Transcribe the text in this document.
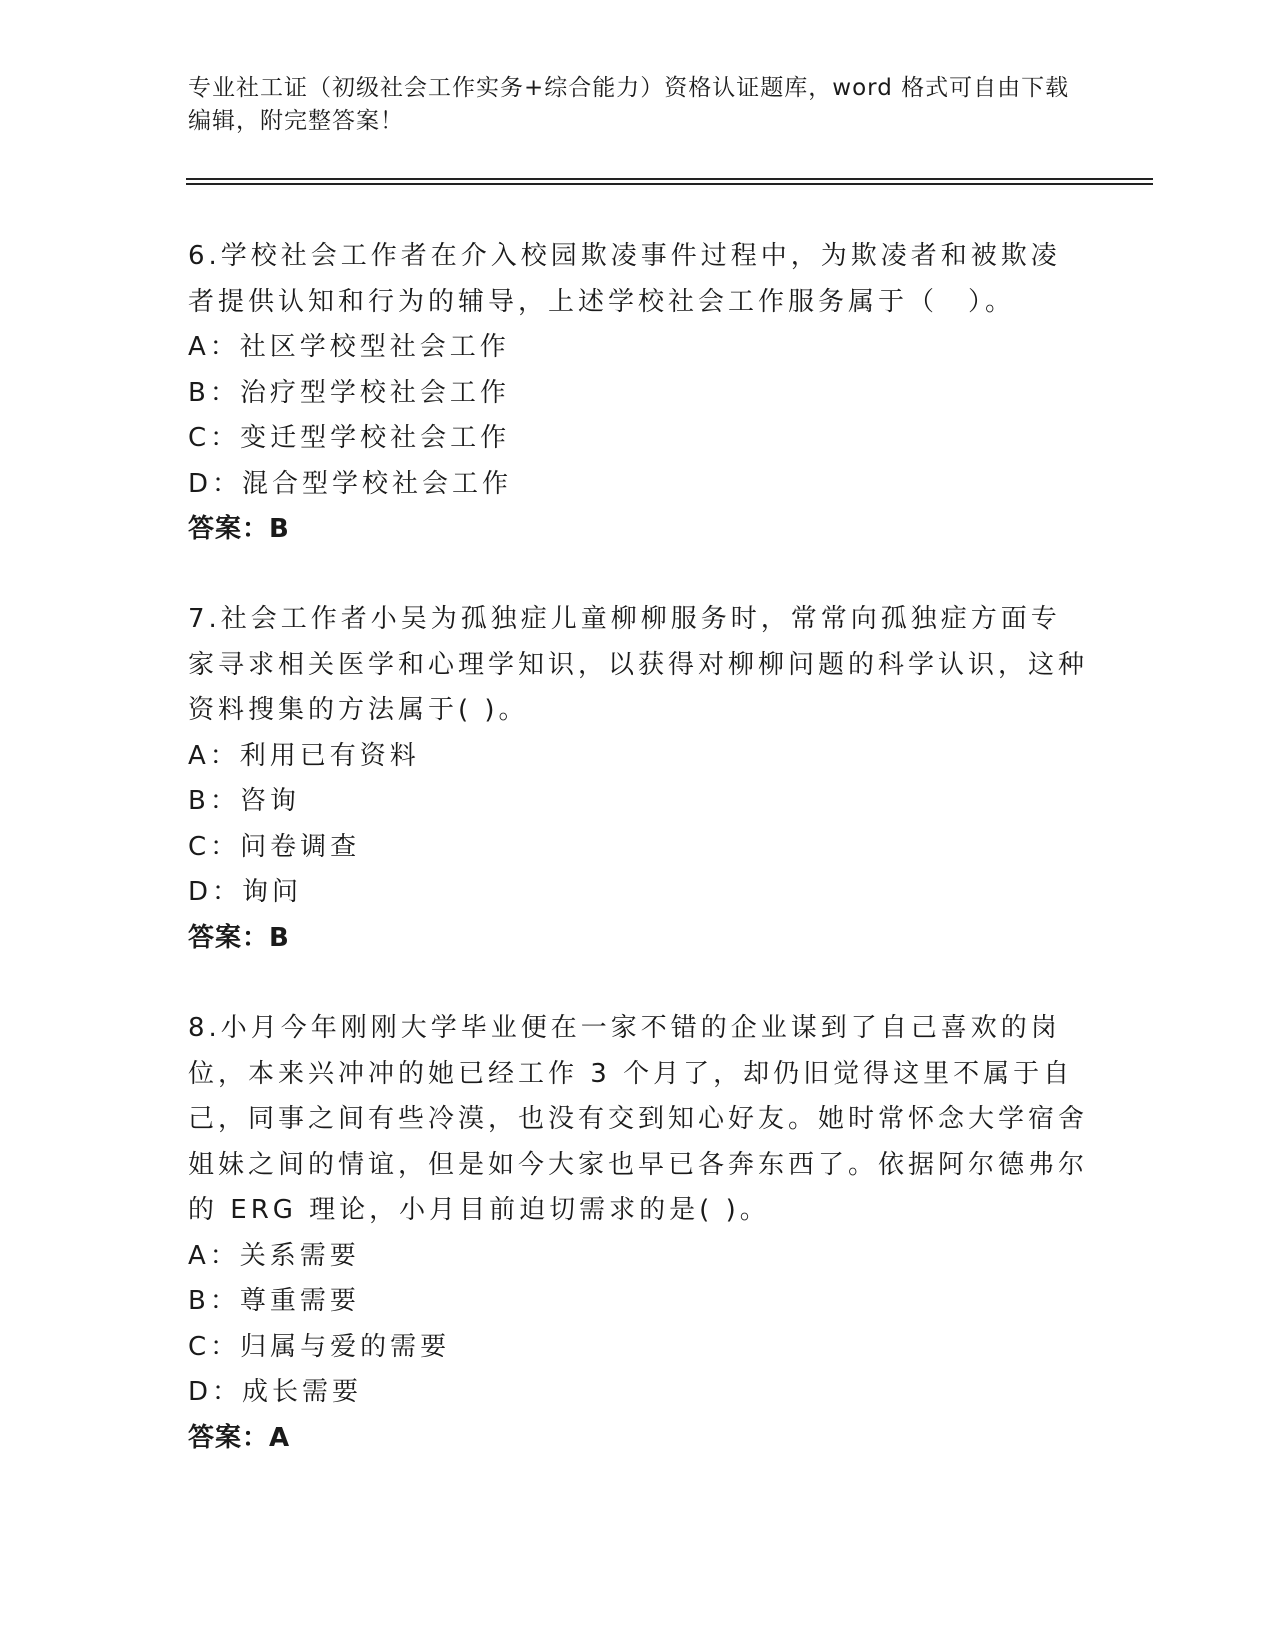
专业社工证（初级社会工作实务+综合能力）资格认证题库，word 格式可自由下载编辑，附完整答案！

6.学校社会工作者在介入校园欺凌事件过程中，为欺凌者和被欺凌者提供认知和行为的辅导，上述学校社会工作服务属于（　）。

A：社区学校型社会工作

B：治疗型学校社会工作

C：变迁型学校社会工作

D：混合型学校社会工作

答案：B

7.社会工作者小吴为孤独症儿童柳柳服务时，常常向孤独症方面专家寻求相关医学和心理学知识，以获得对柳柳问题的科学认识，这种资料搜集的方法属于( )。

A：利用已有资料

B：咨询

C：问卷调查

D：询问

答案：B

8.小月今年刚刚大学毕业便在一家不错的企业谋到了自己喜欢的岗位，本来兴冲冲的她已经工作 3 个月了，却仍旧觉得这里不属于自己，同事之间有些冷漠，也没有交到知心好友。她时常怀念大学宿舍姐妹之间的情谊，但是如今大家也早已各奔东西了。依据阿尔德弗尔的 ERG 理论，小月目前迫切需求的是( )。

A：关系需要

B：尊重需要

C：归属与爱的需要

D：成长需要

答案：A
